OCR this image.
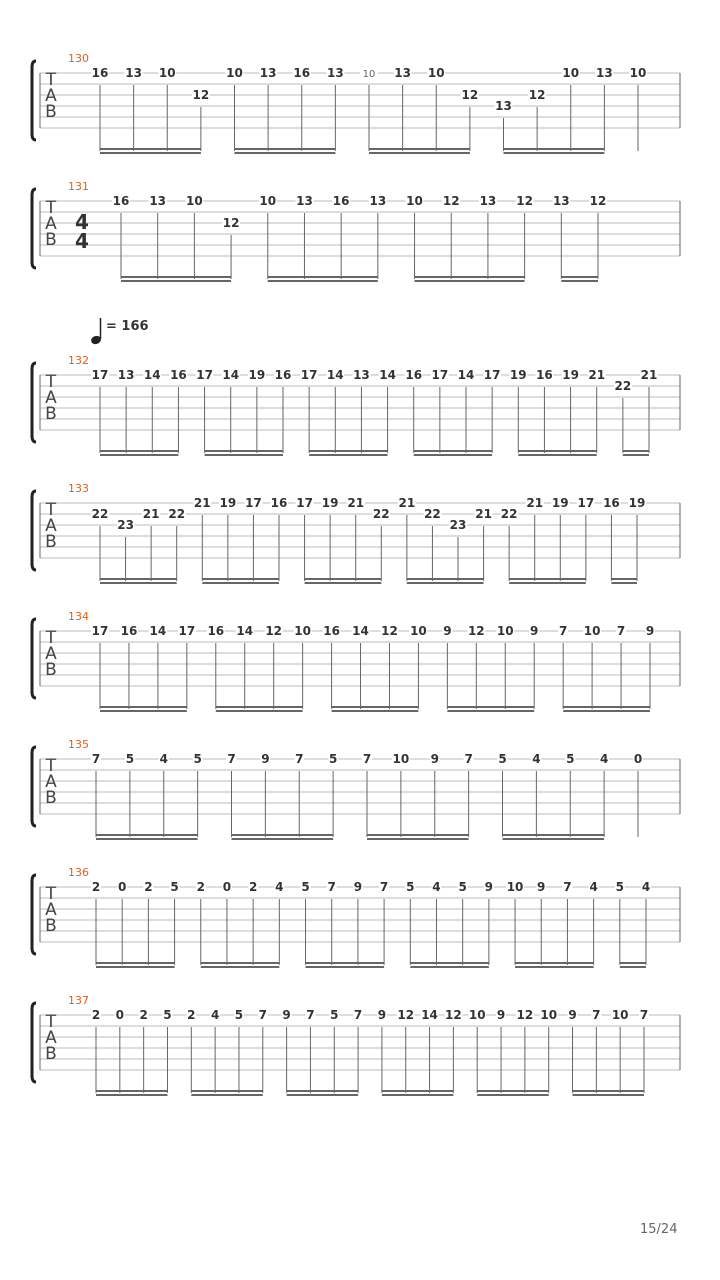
T
A
B
130
16 13 10
12
10 13 16 13 10 13 10
12
13
12
10 13 10
T
A
B
131
16 13 10
12
10 13 16 13 10 12 13 12 13 12
T
A
B
132
17 13 14 16 17 14 19 16 17 14 13 14 16 17 14 17 19 16 19 21
22
21
T
A
B
133
22
23
21 22
21 19 17 16 17 19 21
22
21
22
23
21 22
21 19 17 16 19
T
A
B
134
17 16 14 17 16 14 12 10 16 14 12 10 9 12 10 9 7 10 7 9
T
A
B
135
7 5 4 5 7 9 7 5 7 10 9 7 5 4 5 4 0
T
A
B
136
2 0 2 5 2 0 2 4 5 7 9 7 5 4 5 9 10 9 7 4 5 4
T
A
B
137
2 0 2 5 2 4 5 7 9 7 5 7 9 12 14 12 10 9 12 10 9 7 10 7
= 166
4
4
15/24
